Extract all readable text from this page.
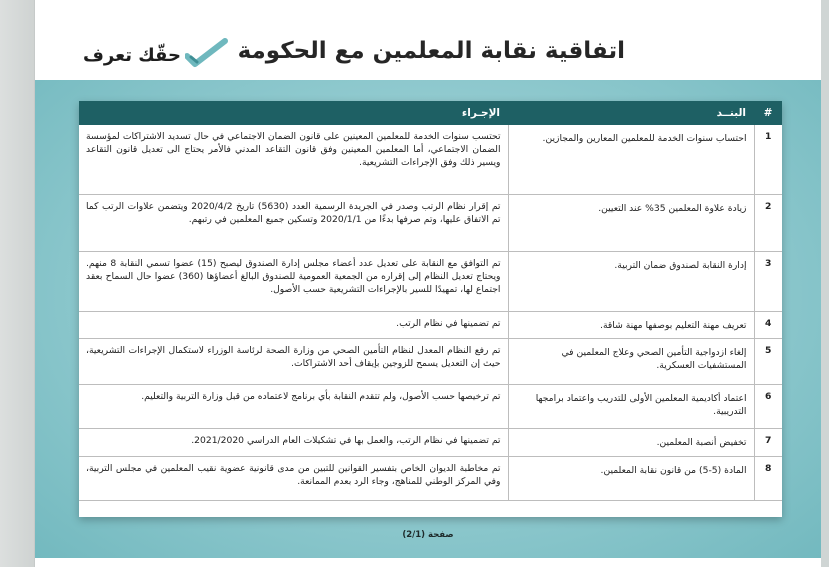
اتفاقية نقابة المعلمين مع الحكومة
حقّك تعرف
#	البنــد	الإجـراء
1	احتساب سنوات الخدمة للمعلمين المعارين والمجازين.	تحتسب سنوات الخدمة للمعلمين المعينين على قانون الضمان الاجتماعي في حال تسديد الاشتراكات لمؤسسة الضمان الاجتماعي، أما المعلمين المعينين وفق قانون التقاعد المدني فالأمر يحتاج الى تعديل قانون التقاعد ويسير ذلك وفق الإجراءات التشريعية.
2	زيادة علاوة المعلمين 35% عند التعيين.	تم إقرار نظام الرتب وصدر في الجريدة الرسمية العدد (5630) تاريخ 2020/4/2 ويتضمن علاوات الرتب كما تم الاتفاق عليها، وتم صرفها بدءًا من 2020/1/1 وتسكين جميع المعلمين في رتبهم.
3	إدارة النقابة لصندوق ضمان التربية.	تم التوافق مع النقابة على تعديل عدد أعضاء مجلس إدارة الصندوق ليصبح (15) عضوا تسمي النقابة 8 منهم. ويحتاج تعديل النظام إلى إقراره من الجمعية العمومية للصندوق البالغ أعضاؤها (360) عضوا حال السماح بعقد اجتماع لها، تمهيدًا للسير بالإجراءات التشريعية حسب الأصول.
4	تعريف مهنة التعليم بوصفها مهنة شاقة.	تم تضمينها في نظام الرتب.
5	إلغاء ازدواجية التأمين الصحي وعلاج المعلمين في المستشفيات العسكرية.	تم رفع النظام المعدل لنظام التأمين الصحي من وزارة الصحة لرئاسة الوزراء لاستكمال الإجراءات التشريعية، حيث إن التعديل يسمح للزوجين بإيقاف أحد الاشتراكات.
6	اعتماد أكاديمية المعلمين الأولى للتدريب واعتماد برامجها التدريبية.	تم ترخيصها حسب الأصول، ولم تتقدم النقابة بأي برنامج لاعتماده من قبل وزارة التربية والتعليم.
7	تخفيض أنصبة المعلمين.	تم تضمينها في نظام الرتب، والعمل بها في تشكيلات العام الدراسي 2021/2020.
8	المادة (5-5) من قانون نقابة المعلمين.	تم مخاطبة الديوان الخاص بتفسير القوانين للتبين من مدى قانونية عضوية نقيب المعلمين في مجلس التربية، وفي المركز الوطني للمناهج، وجاء الرد بعدم الممانعة.
صفحة (2/1)
